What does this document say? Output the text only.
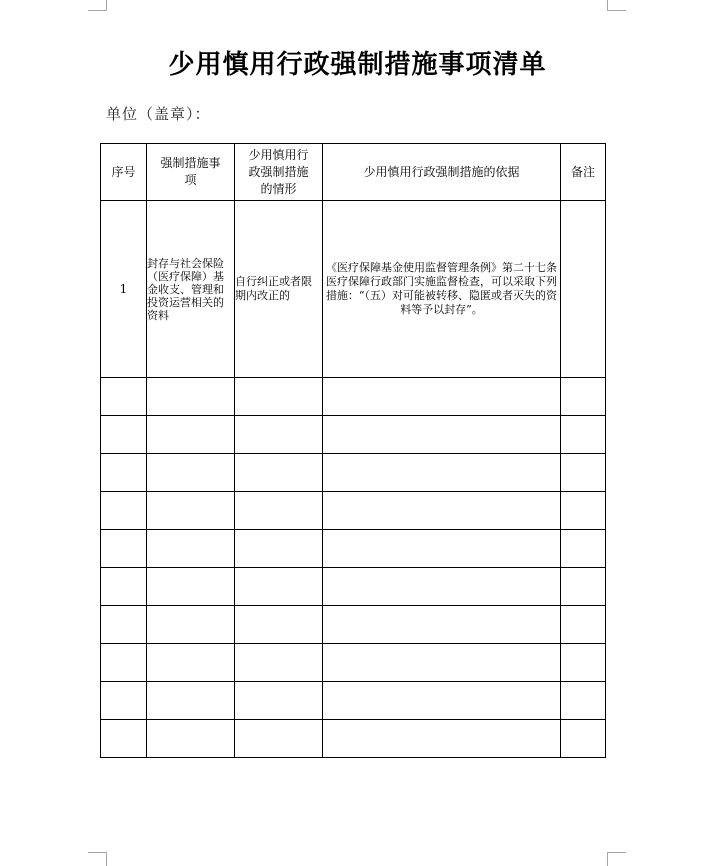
少用慎用行政强制措施事项清单
单位（盖章）：
序号	强制措施事项	少用慎用行政强制措施的情形	少用慎用行政强制措施的依据	备注
1	封存与社会保险（医疗保障）基金收支、管理和投资运营相关的资料	自行纠正或者限期内改正的	《医疗保障基金使用监督管理条例》第二十七条 医疗保障行政部门实施监督检查，可以采取下列措施：“（五）对可能被转移、隐匿或者灭失的资料等予以封存”。	
